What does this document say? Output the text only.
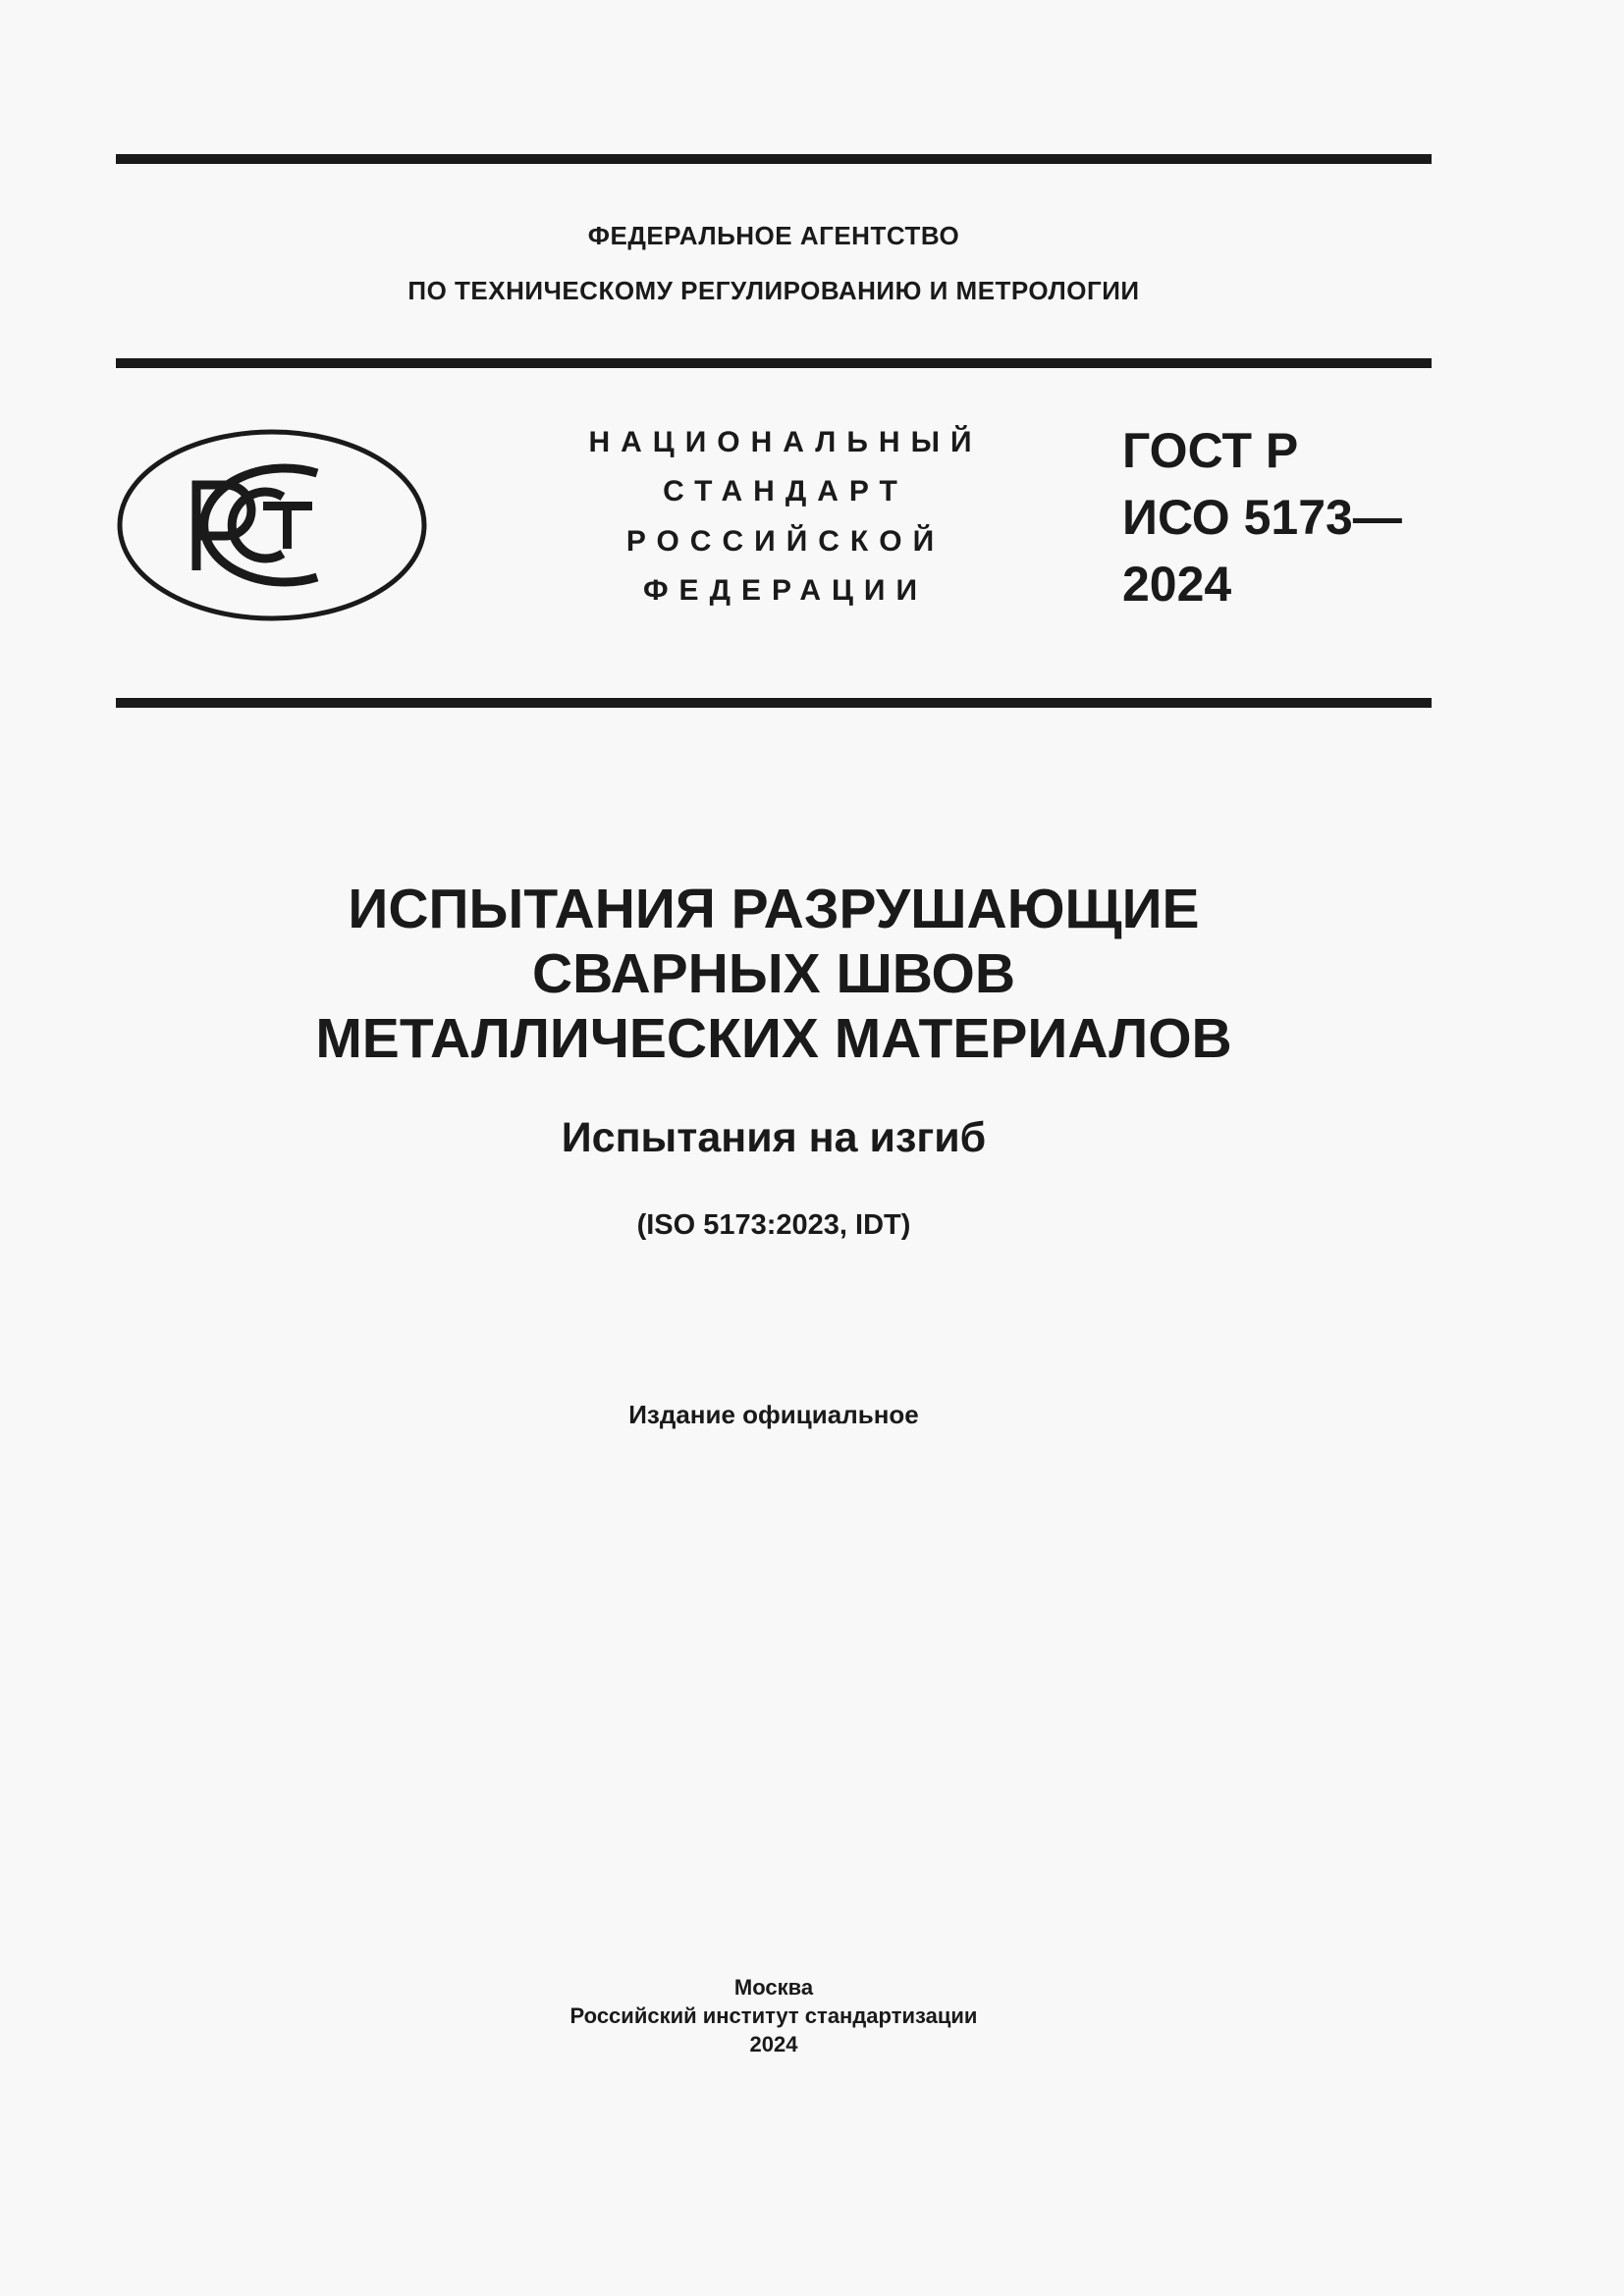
ФЕДЕРАЛЬНОЕ АГЕНТСТВО
ПО ТЕХНИЧЕСКОМУ РЕГУЛИРОВАНИЮ И МЕТРОЛОГИИ
НАЦИОНАЛЬНЫЙ
СТАНДАРТ
РОССИЙСКОЙ
ФЕДЕРАЦИИ
ГОСТ Р
ИСО 5173—
2024
ИСПЫТАНИЯ РАЗРУШАЮЩИЕ
СВАРНЫХ ШВОВ
МЕТАЛЛИЧЕСКИХ МАТЕРИАЛОВ
Испытания на изгиб
(ISO 5173:2023, IDT)
Издание официальное
Москва
Российский институт стандартизации
2024
